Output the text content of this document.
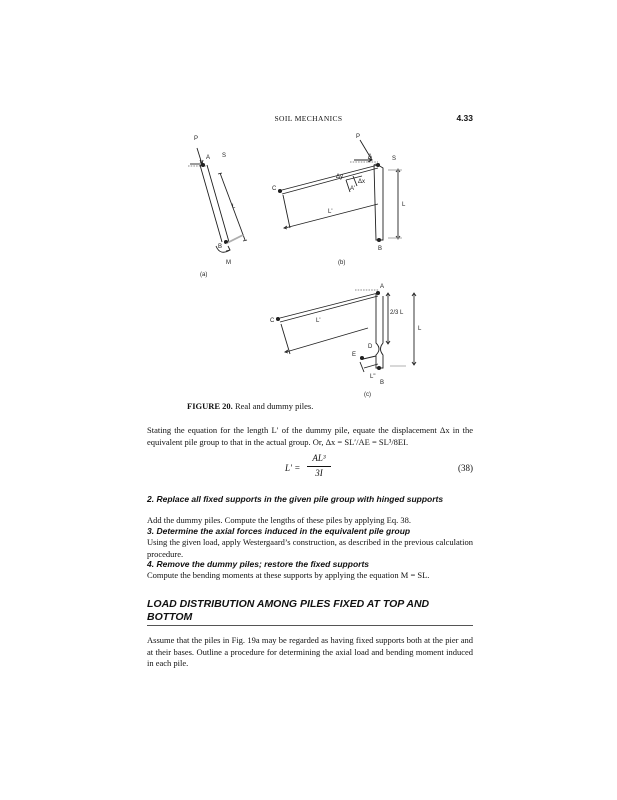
SOIL MECHANICS	4.33
P
S
A
B
M
L
(a)
P
S
A
C
B
L'
Δy
Δx
A'
L
(b)
A
C	L'
2/3 L
L
D
E
L"
B
(c)
FIGURE 20. Real and dummy piles.
Stating the equation for the length L′ of the dummy pile, equate the displacement Δx in the equivalent pile group to that in the actual group. Or, Δx = SL′/AE = SL³/8EI.
L′ =
AL³
3I	(38)
2. Replace all fixed supports in the given pile group with hinged supports
Add the dummy piles. Compute the lengths of these piles by applying Eq. 38.
3. Determine the axial forces induced in the equivalent pile group
Using the given load, apply Westergaard’s construction, as described in the previous calculation procedure.
4. Remove the dummy piles; restore the fixed supports
Compute the bending moments at these supports by applying the equation M = SL.
LOAD DISTRIBUTION AMONG PILES FIXED AT TOP AND BOTTOM
Assume that the piles in Fig. 19a may be regarded as having fixed supports both at the pier and at their bases. Outline a procedure for determining the axial load and bending moment induced in each pile.
